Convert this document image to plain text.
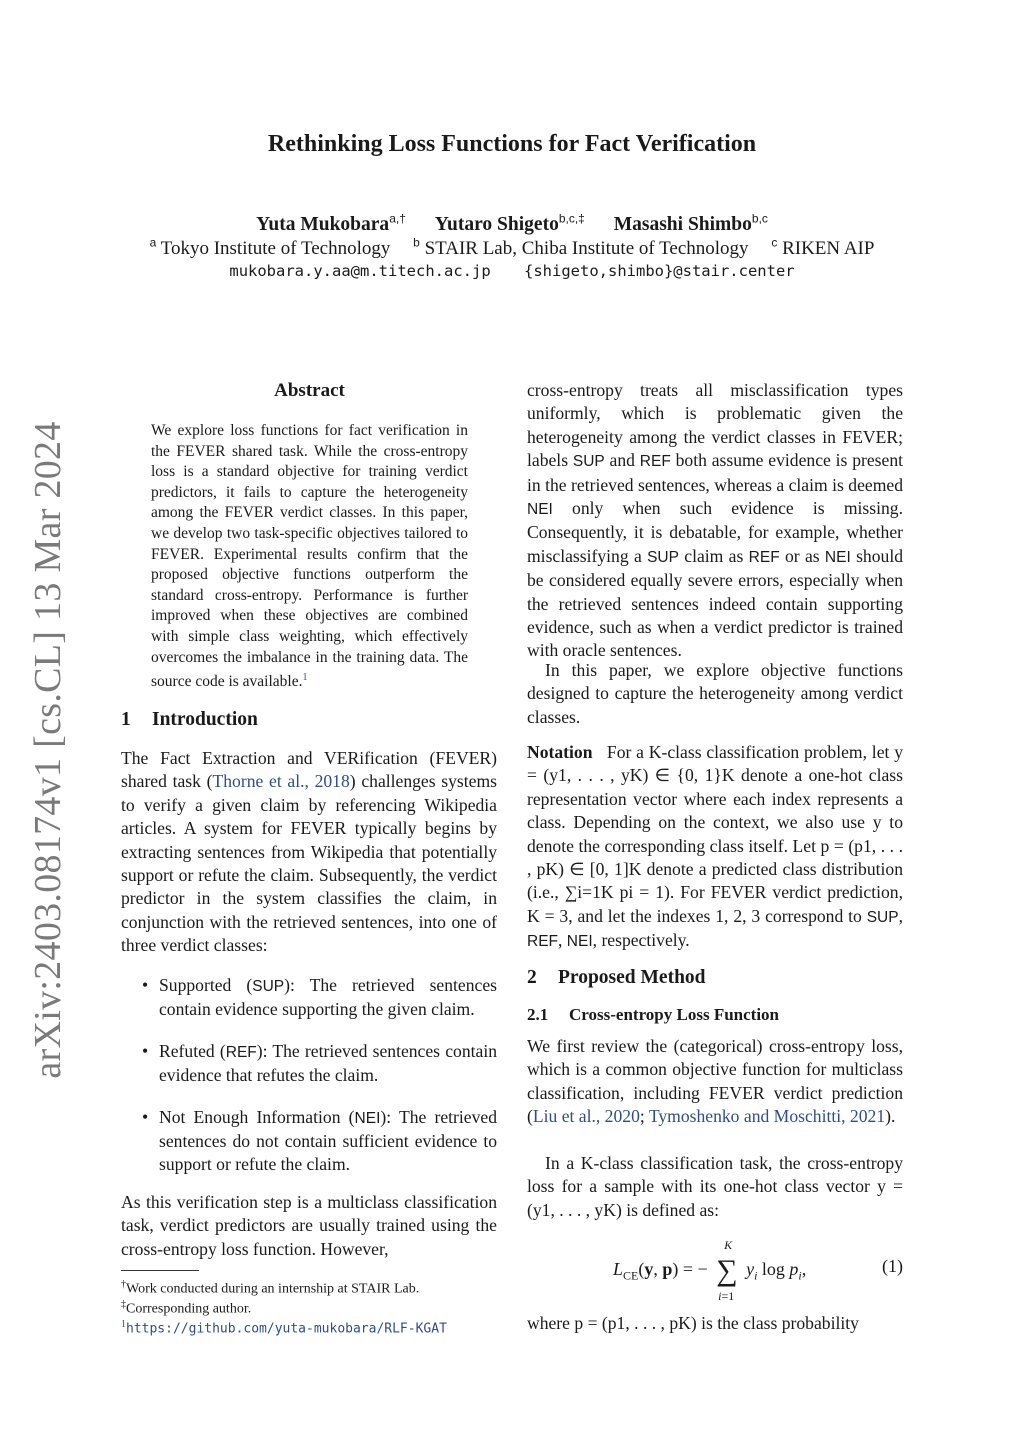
arXiv:2403.08174v1 [cs.CL] 13 Mar 2024
Rethinking Loss Functions for Fact Verification
Yuta Mukobara$^{a,\dagger}$ Yutaro Shigeto$^{b,c,\ddagger}$ Masashi Shimbo$^{b,c}$
$^a$ Tokyo Institute of Technology $^b$ STAIR Lab, Chiba Institute of Technology $^c$ RIKEN AIP
mukobara.y.aa@m.titech.ac.jp {shigeto,shimbo}@stair.center
Abstract
We explore loss functions for fact verification in the FEVER shared task. While the cross-entropy loss is a standard objective for training verdict predictors, it fails to capture the heterogeneity among the FEVER verdict classes. In this paper, we develop two task-specific objectives tailored to FEVER. Experimental results confirm that the proposed objective functions outperform the standard cross-entropy. Performance is further improved when these objectives are combined with simple class weighting, which effectively overcomes the imbalance in the training data. The source code is available.$^1$
1 Introduction
The Fact Extraction and VERification (FEVER) shared task (Thorne et al., 2018) challenges systems to verify a given claim by referencing Wikipedia articles. A system for FEVER typically begins by extracting sentences from Wikipedia that potentially support or refute the claim. Subsequently, the verdict predictor in the system classifies the claim, in conjunction with the retrieved sentences, into one of three verdict classes:
• Supported (SUP): The retrieved sentences contain evidence supporting the given claim.
• Refuted (REF): The retrieved sentences contain evidence that refutes the claim.
• Not Enough Information (NEI): The retrieved sentences do not contain sufficient evidence to support or refute the claim.
As this verification step is a multiclass classification task, verdict predictors are usually trained using the cross-entropy loss function. However,
†Work conducted during an internship at STAIR Lab.
‡Corresponding author.
$^1$https://github.com/yuta-mukobara/RLF-KGAT
cross-entropy treats all misclassification types uniformly, which is problematic given the heterogeneity among the verdict classes in FEVER; labels SUP and REF both assume evidence is present in the retrieved sentences, whereas a claim is deemed NEI only when such evidence is missing. Consequently, it is debatable, for example, whether misclassifying a SUP claim as REF or as NEI should be considered equally severe errors, especially when the retrieved sentences indeed contain supporting evidence, such as when a verdict predictor is trained with oracle sentences.
In this paper, we explore objective functions designed to capture the heterogeneity among verdict classes.
Notation For a K-class classification problem, let y = (y1, . . . , yK) ∈ {0, 1}K denote a one-hot class representation vector where each index represents a class. Depending on the context, we also use y to denote the corresponding class itself. Let p = (p1, . . . , pK) ∈ [0, 1]K denote a predicted class distribution (i.e., ∑i=1K pi = 1). For FEVER verdict prediction, K = 3, and let the indexes 1, 2, 3 correspond to SUP, REF, NEI, respectively.
2 Proposed Method
2.1 Cross-entropy Loss Function
We first review the (categorical) cross-entropy loss, which is a common objective function for multiclass classification, including FEVER verdict prediction (Liu et al., 2020; Tymoshenko and Moschitti, 2021).
In a K-class classification task, the cross-entropy loss for a sample with its one-hot class vector y = (y1, . . . , yK) is defined as:
$L_{CE}(y$, p) = − ∑
K
i=1
$y_i$ $\log p_i$,	(1)
where p = (p1, . . . , pK) is the class probability
